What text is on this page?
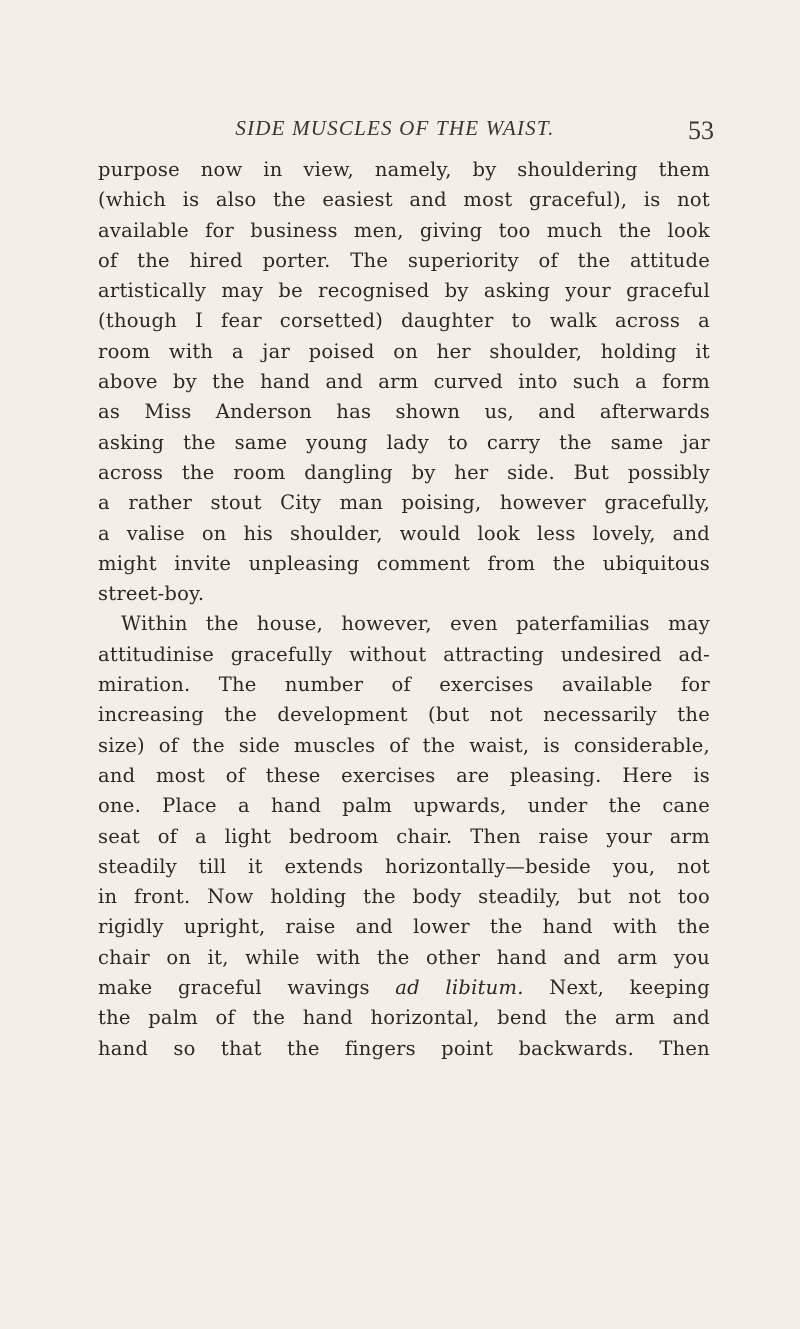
SIDE MUSCLES OF THE WAIST.	53
purpose now in view, namely, by shouldering them
(which is also the easiest and most graceful), is not
available for business men, giving too much the look
of the hired porter. The superiority of the attitude
artistically may be recognised by asking your graceful
(though I fear corsetted) daughter to walk across a
room with a jar poised on her shoulder, holding it
above by the hand and arm curved into such a form
as Miss Anderson has shown us, and afterwards
asking the same young lady to carry the same jar
across the room dangling by her side. But possibly
a rather stout City man poising, however gracefully,
a valise on his shoulder, would look less lovely, and
might invite unpleasing comment from the ubiquitous
street-boy.
Within the house, however, even paterfamilias may
attitudinise gracefully without attracting undesired ad-
miration. The number of exercises available for
increasing the development (but not necessarily the
size) of the side muscles of the waist, is considerable,
and most of these exercises are pleasing. Here is
one. Place a hand palm upwards, under the cane
seat of a light bedroom chair. Then raise your arm
steadily till it extends horizontally—beside you, not
in front. Now holding the body steadily, but not too
rigidly upright, raise and lower the hand with the
chair on it, while with the other hand and arm you
make graceful wavings ad libitum. Next, keeping
the palm of the hand horizontal, bend the arm and
hand so that the fingers point backwards. Then
